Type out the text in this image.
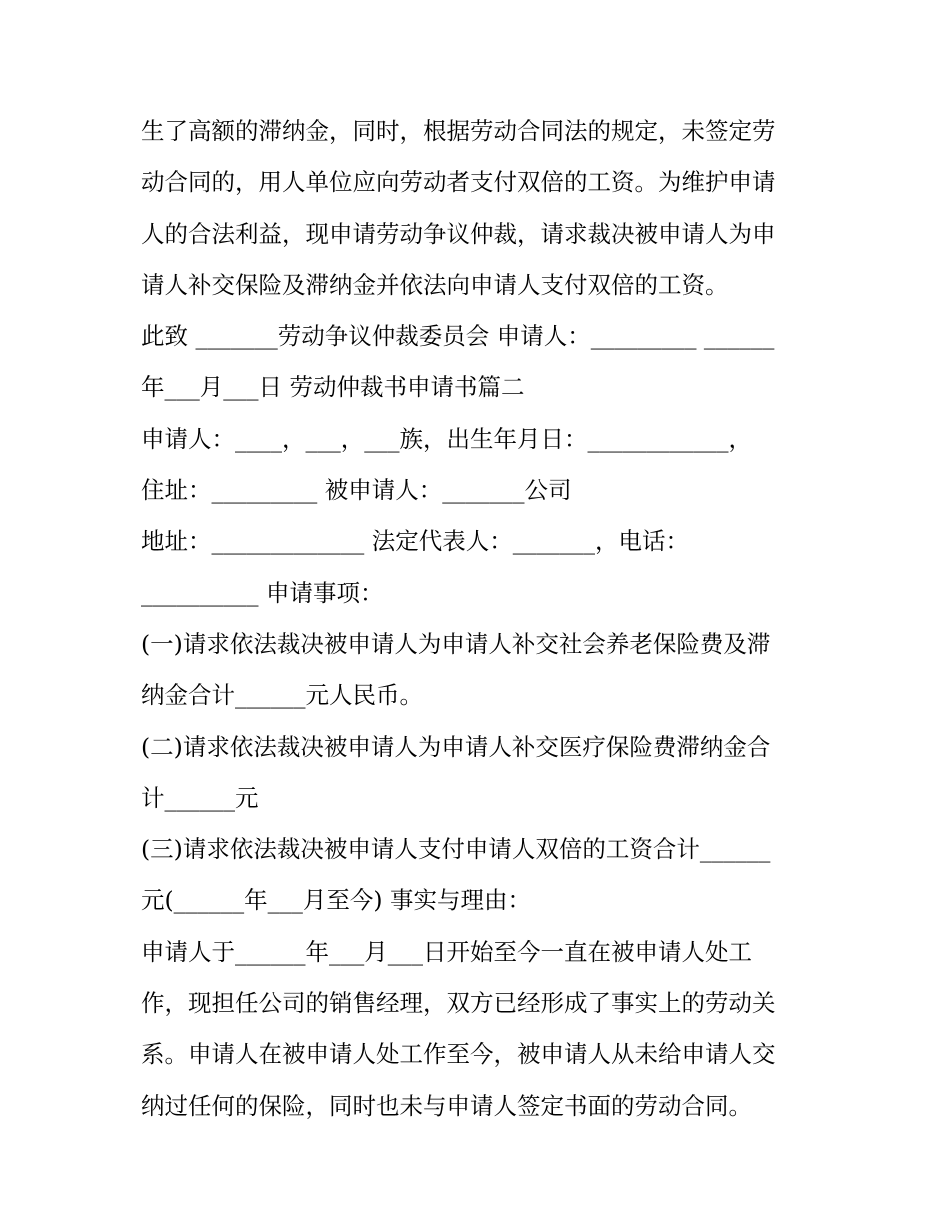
生了高额的滞纳金，同时，根据劳动合同法的规定，未签定劳
动合同的，用人单位应向劳动者支付双倍的工资。为维护申请
人的合法利益，现申请劳动争议仲裁，请求裁决被申请人为申
请人补交保险及滞纳金并依法向申请人支付双倍的工资。
此致 _______劳动争议仲裁委员会 申请人：_________ ______
年___月___日 劳动仲裁书申请书篇二
申请人：____，___，___族，出生年月日：____________，
住址：_________ 被申请人：_______公司
地址：_____________ 法定代表人：_______，电话：
__________ 申请事项：
(一)请求依法裁决被申请人为申请人补交社会养老保险费及滞
纳金合计______元人民币。
(二)请求依法裁决被申请人为申请人补交医疗保险费滞纳金合
计______元
(三)请求依法裁决被申请人支付申请人双倍的工资合计______
元(______年___月至今) 事实与理由：
申请人于______年___月___日开始至今一直在被申请人处工
作，现担任公司的销售经理，双方已经形成了事实上的劳动关
系。申请人在被申请人处工作至今，被申请人从未给申请人交
纳过任何的保险，同时也未与申请人签定书面的劳动合同。
